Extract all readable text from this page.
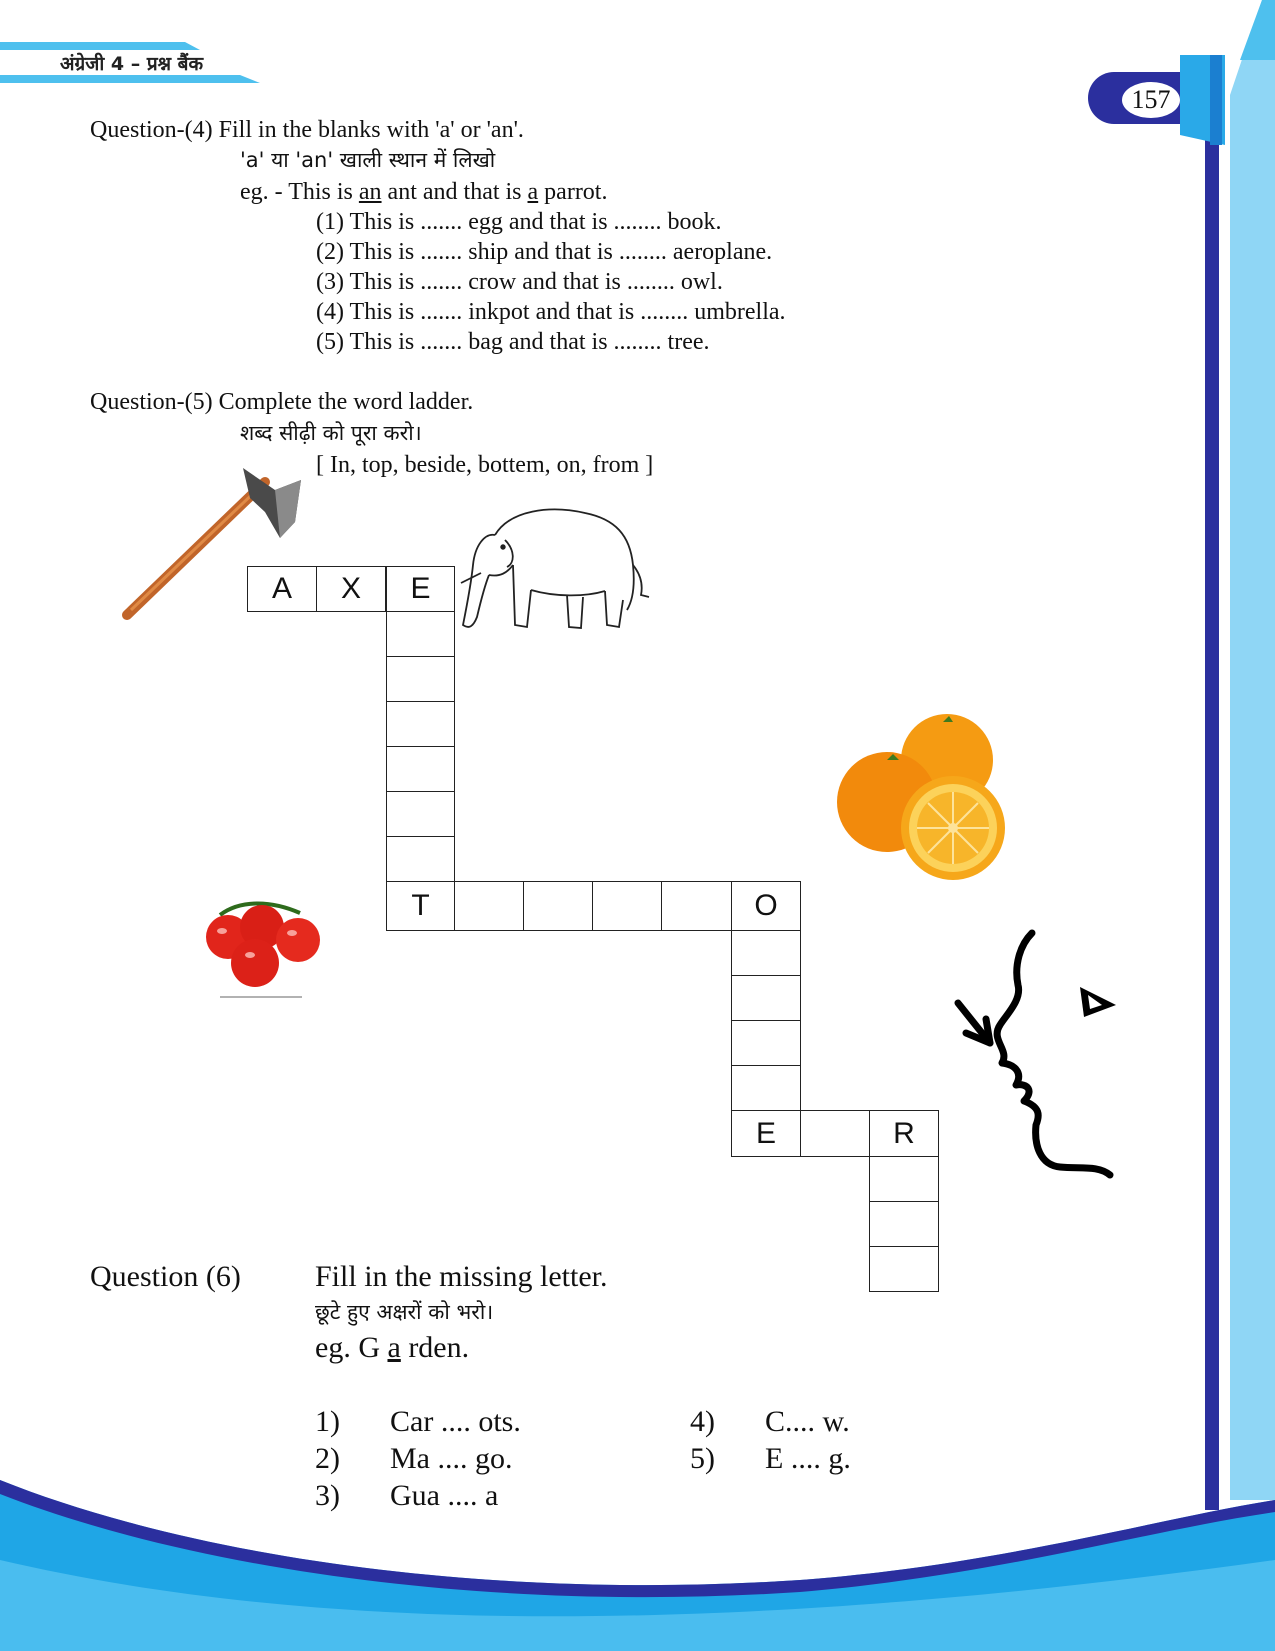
अंग्रेजी 4 – प्रश्न बैंक
157
Question-(4) Fill in the blanks with 'a' or 'an'.
'a' या 'an' खाली स्थान में लिखो
eg. - This is an ant and that is a parrot.
(1) This is ....... egg and that is ........ book.
(2) This is ....... ship and that is ........ aeroplane.
(3) This is ....... crow and that is ........ owl.
(4) This is ....... inkpot and that is ........ umbrella.
(5) This is ....... bag and that is ........ tree.
Question-(5) Complete the word ladder.
शब्द सीढ़ी को पूरा करो।
[ In, top, beside, bottem, on, from ]
A	X	E
T	O
E	R
Question (6) Fill in the missing letter.
छूटे हुए अक्षरों को भरो।
eg. G a rden.
1) Car .... ots.
2) Ma .... go.
3) Gua .... a
4) C.... w.
5) E .... g.
